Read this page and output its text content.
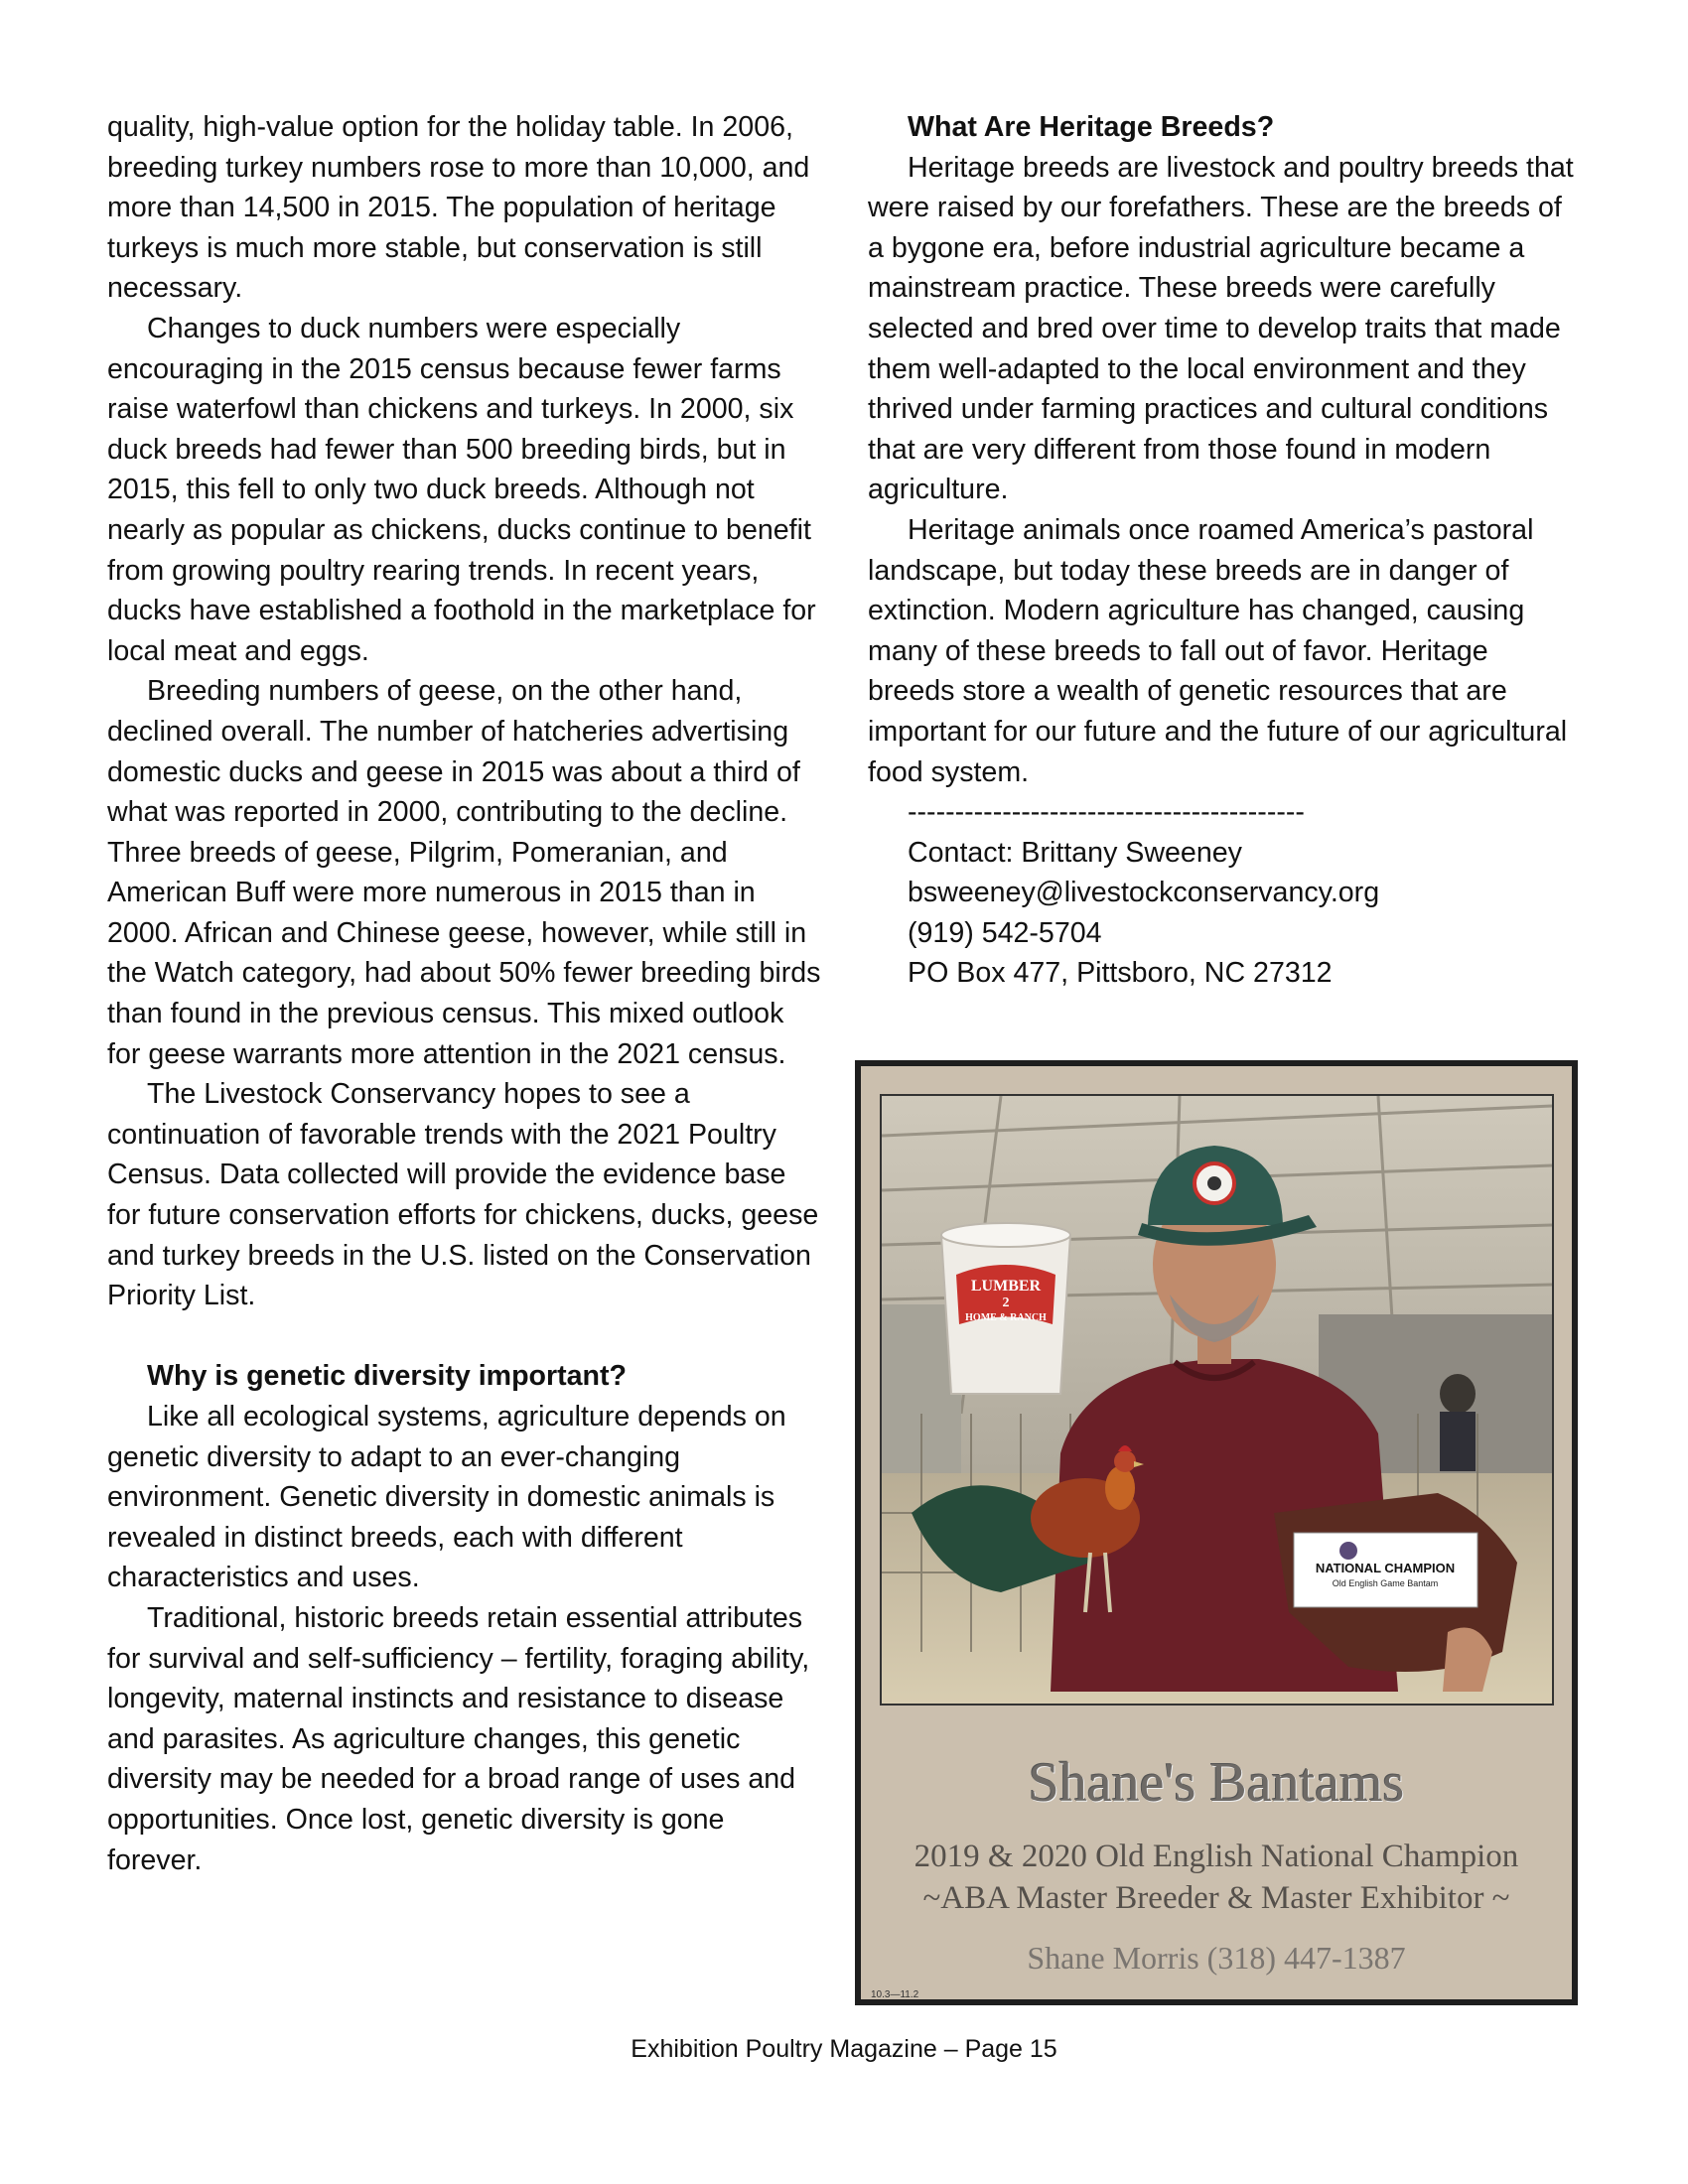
quality, high-value option for the holiday table. In 2006, breeding turkey numbers rose to more than 10,000, and more than 14,500 in 2015. The population of heritage turkeys is much more stable, but conservation is still necessary.

Changes to duck numbers were especially encouraging in the 2015 census because fewer farms raise waterfowl than chickens and turkeys. In 2000, six duck breeds had fewer than 500 breeding birds, but in 2015, this fell to only two duck breeds. Although not nearly as popular as chickens, ducks continue to benefit from growing poultry rearing trends. In recent years, ducks have established a foothold in the marketplace for local meat and eggs.

Breeding numbers of geese, on the other hand, declined overall. The number of hatcheries advertising domestic ducks and geese in 2015 was about a third of what was reported in 2000, contributing to the decline. Three breeds of geese, Pilgrim, Pomeranian, and American Buff were more numerous in 2015 than in 2000. African and Chinese geese, however, while still in the Watch category, had about 50% fewer breeding birds than found in the previous census. This mixed outlook for geese warrants more attention in the 2021 census.

The Livestock Conservancy hopes to see a continuation of favorable trends with the 2021 Poultry Census. Data collected will provide the evidence base for future conservation efforts for chickens, ducks, geese and turkey breeds in the U.S. listed on the Conservation Priority List.

Why is genetic diversity important?

Like all ecological systems, agriculture depends on genetic diversity to adapt to an ever-changing environment. Genetic diversity in domestic animals is revealed in distinct breeds, each with different characteristics and uses.

Traditional, historic breeds retain essential attributes for survival and self-sufficiency – fertility, foraging ability, longevity, maternal instincts and resistance to disease and parasites. As agriculture changes, this genetic diversity may be needed for a broad range of uses and opportunities. Once lost, genetic diversity is gone forever.

What Are Heritage Breeds?

Heritage breeds are livestock and poultry breeds that were raised by our forefathers. These are the breeds of a bygone era, before industrial agriculture became a mainstream practice. These breeds were carefully selected and bred over time to develop traits that made them well-adapted to the local environment and they thrived under farming practices and cultural conditions that are very different from those found in modern agriculture.

Heritage animals once roamed America’s pastoral landscape, but today these breeds are in danger of extinction. Modern agriculture has changed, causing many of these breeds to fall out of favor. Heritage breeds store a wealth of genetic resources that are important for our future and the future of our agricultural food system.

------------------------------------------

Contact: Brittany Sweeney

bsweeney@livestockconservancy.org

(919) 542-5704

PO Box 477, Pittsboro, NC 27312

LUMBER
2
HOME & RANCH
NATIONAL CHAMPION
Old English Game Bantam
Shane's Bantams
2019 & 2020 Old English National Champion
~ABA Master Breeder & Master Exhibitor ~
Shane Morris (318) 447-1387
10.3—11.2
Exhibition Poultry Magazine – Page 15
